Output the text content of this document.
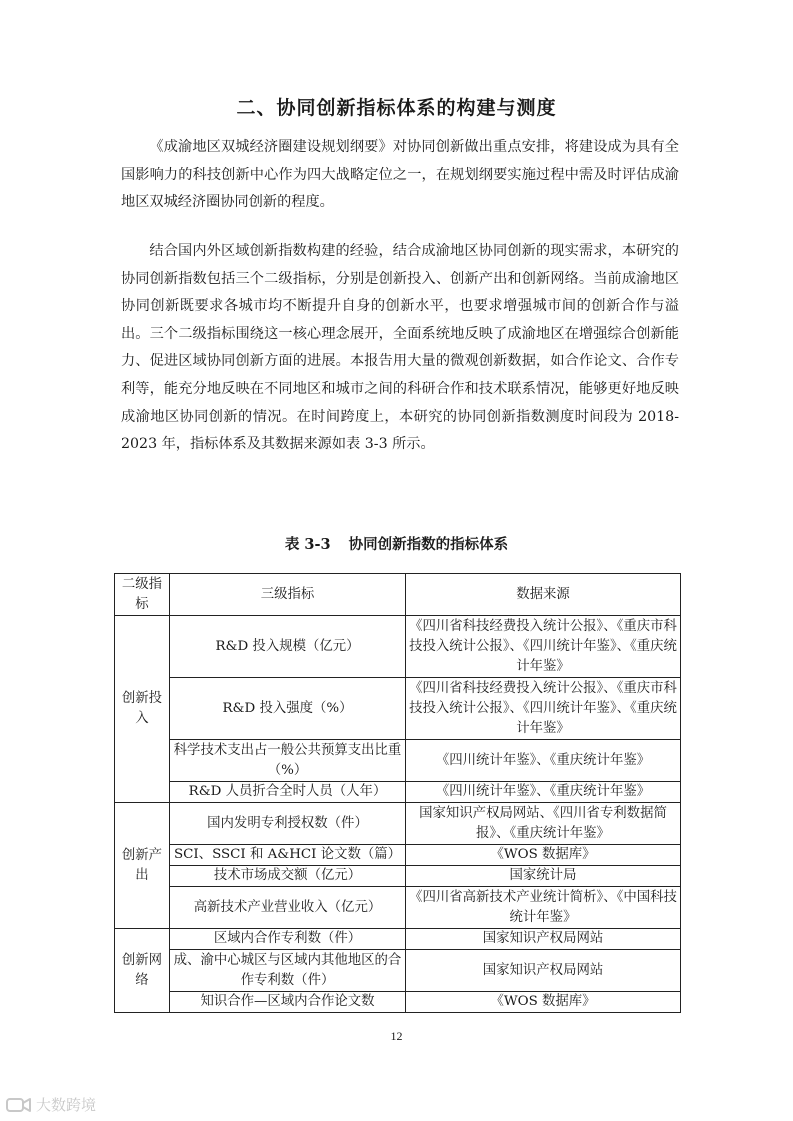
二、协同创新指标体系的构建与测度

《成渝地区双城经济圈建设规划纲要》对协同创新做出重点安排，将建设成为具有全国影响力的科技创新中心作为四大战略定位之一，在规划纲要实施过程中需及时评估成渝地区双城经济圈协同创新的程度。

结合国内外区域创新指数构建的经验，结合成渝地区协同创新的现实需求，本研究的协同创新指数包括三个二级指标，分别是创新投入、创新产出和创新网络。当前成渝地区协同创新既要求各城市均不断提升自身的创新水平，也要求增强城市间的创新合作与溢出。三个二级指标围绕这一核心理念展开，全面系统地反映了成渝地区在增强综合创新能力、促进区域协同创新方面的进展。本报告用大量的微观创新数据，如合作论文、合作专利等，能充分地反映在不同地区和城市之间的科研合作和技术联系情况，能够更好地反映成渝地区协同创新的情况。在时间跨度上，本研究的协同创新指数测度时间段为 2018-2023 年，指标体系及其数据来源如表 3-3 所示。

表 3-3 协同创新指数的指标体系
二级指标	三级指标	数据来源
创新投入	R&D 投入规模（亿元）	《四川省科技经费投入统计公报》、《重庆市科技投入统计公报》、《四川统计年鉴》、《重庆统计年鉴》
	R&D 投入强度（%）	《四川省科技经费投入统计公报》、《重庆市科技投入统计公报》、《四川统计年鉴》、《重庆统计年鉴》
	科学技术支出占一般公共预算支出比重（%）	《四川统计年鉴》、《重庆统计年鉴》
	R&D 人员折合全时人员（人年）	《四川统计年鉴》、《重庆统计年鉴》
创新产出	国内发明专利授权数（件）	国家知识产权局网站、《四川省专利数据简报》、《重庆统计年鉴》
	SCI、SSCI 和 A&HCI 论文数（篇）	《WOS 数据库》
	技术市场成交额（亿元）	国家统计局
	高新技术产业营业收入（亿元）	《四川省高新技术产业统计简析》、《中国科技统计年鉴》
创新网络	区域内合作专利数（件）	国家知识产权局网站
	成、渝中心城区与区域内其他地区的合作专利数（件）	国家知识产权局网站
	知识合作—区域内合作论文数	《WOS 数据库》
12
大数跨境
